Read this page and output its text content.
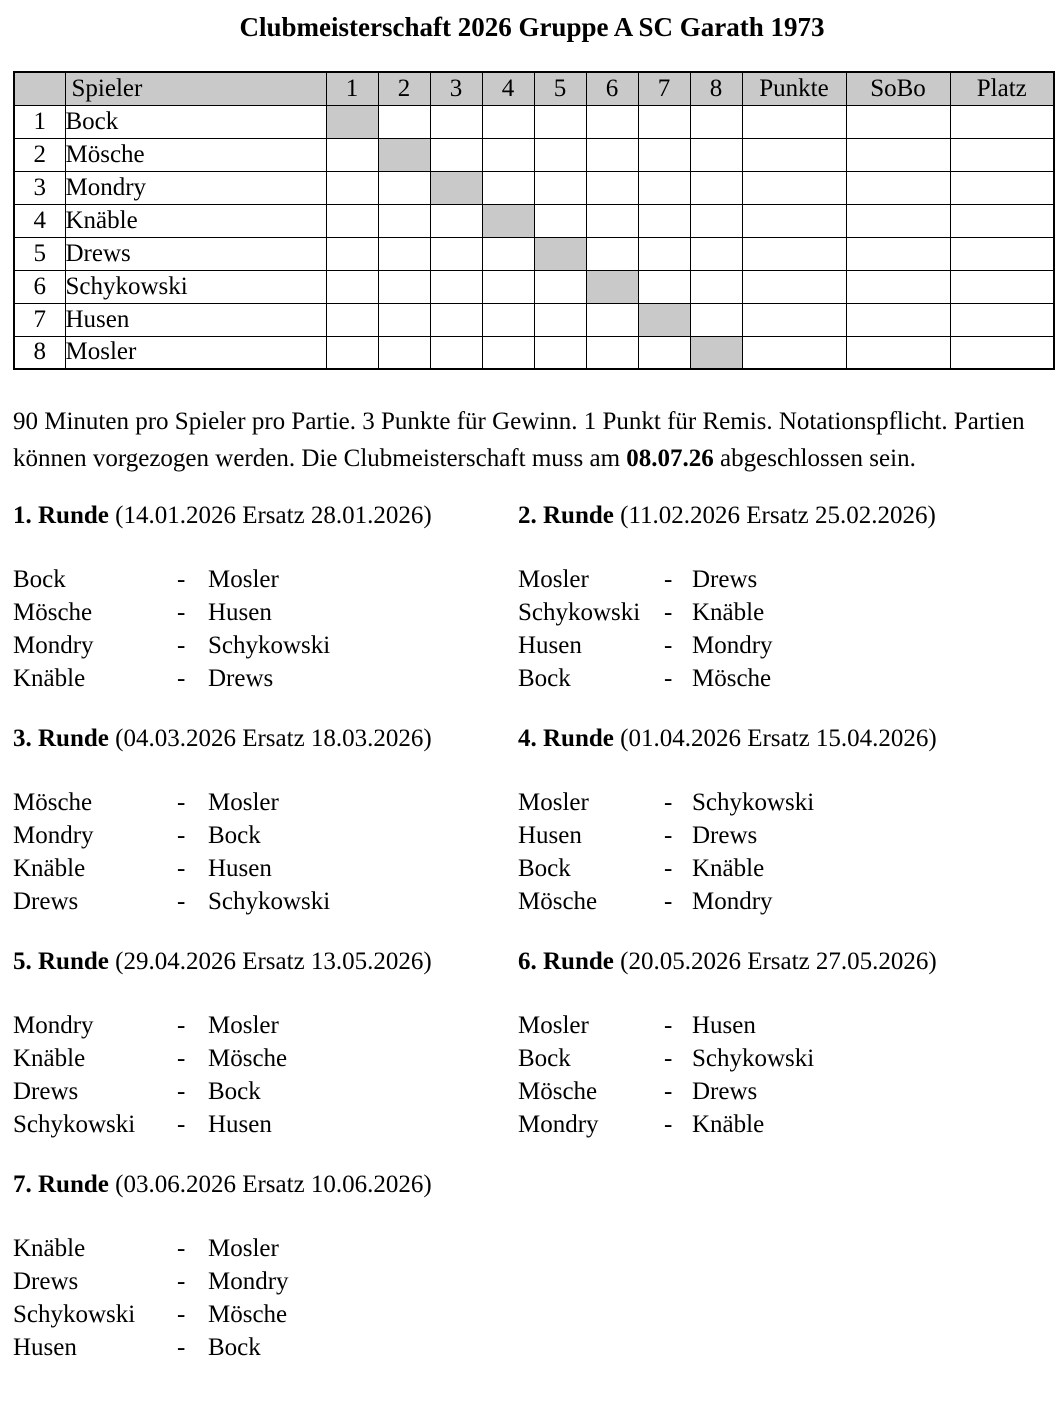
Clubmeisterschaft 2026 Gruppe A SC Garath 1973
	Spieler	1	2	3	4	5	6	7	8	Punkte	SoBo	Platz
1	Bock											
2	Mösche											
3	Mondry											
4	Knäble											
5	Drews											
6	Schykowski											
7	Husen											
8	Mosler											

90 Minuten pro Spieler pro Partie. 3 Punkte für Gewinn. 1 Punkt für Remis. Notationspflicht. Partien können vorgezogen werden. Die Clubmeisterschaft muss am 08.07.26 abgeschlossen sein.

1. Runde (14.01.2026 Ersatz 28.01.2026)
Bock	- Mosler
Mösche	- Husen
Mondry	- Schykowski
Knäble	- Drews
2. Runde (11.02.2026 Ersatz 25.02.2026)
Mosler	- Drews
Schykowski - Knäble
Husen	- Mondry
Bock	- Mösche
3. Runde (04.03.2026 Ersatz 18.03.2026)
Mösche	- Mosler
Mondry	- Bock
Knäble	- Husen
Drews	- Schykowski
4. Runde (01.04.2026 Ersatz 15.04.2026)
Mosler	- Schykowski
Husen	- Drews
Bock	- Knäble
Mösche	- Mondry
5. Runde (29.04.2026 Ersatz 13.05.2026)
Mondry	- Mosler
Knäble	- Mösche
Drews	- Bock
Schykowski	- Husen
6. Runde (20.05.2026 Ersatz 27.05.2026)
Mosler	- Husen
Bock	- Schykowski
Mösche	- Drews
Mondry	- Knäble
7. Runde (03.06.2026 Ersatz 10.06.2026)
Knäble	- Mosler
Drews	- Mondry
Schykowski	- Mösche
Husen	- Bock
